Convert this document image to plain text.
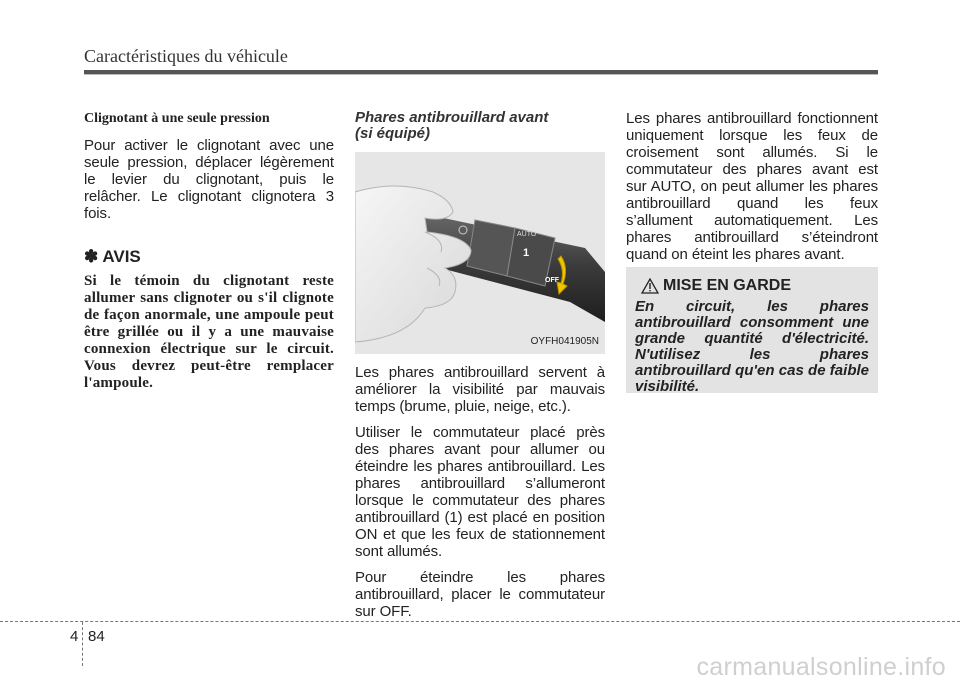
Caractéristiques du véhicule

Clignotant à une seule pression

Pour activer le clignotant avec une seule pression, déplacer légèrement le levier du clignotant, puis le relâcher. Le clignotant clignotera 3 fois.

✽ AVIS

Si le témoin du clignotant reste allumer sans clignoter ou s'il clignote de façon anormale, une ampoule peut être grillée ou il y a une mauvaise connexion électrique sur le circuit. Vous devrez peut-être remplacer l'ampoule.

Phares antibrouillard avant
(si équipé)
AUTO
1
OFF
OYFH041905N

Les phares antibrouillard servent à améliorer la visibilité par mauvais temps (brume, pluie, neige, etc.).

Utiliser le commutateur placé près des phares avant pour allumer ou éteindre les phares antibrouillard. Les phares antibrouillard s’allumeront lorsque le commutateur des phares antibrouillard (1) est placé en position ON et que les feux de stationnement sont allumés.

Pour éteindre les phares antibrouillard, placer le commutateur sur OFF.

Les phares antibrouillard fonctionnent uniquement lorsque les feux de croisement sont allumés. Si le commutateur des phares avant est sur AUTO, on peut allumer les phares antibrouillard quand les feux s’allument automatiquement. Les phares antibrouillard s’éteindront quand on éteint les phares avant.

MISE EN GARDE

En circuit, les phares antibrouillard consomment une grande quantité d'électricité. N'utilisez les phares antibrouillard qu'en cas de faible visibilité.

4 84
carmanualsonline.info
